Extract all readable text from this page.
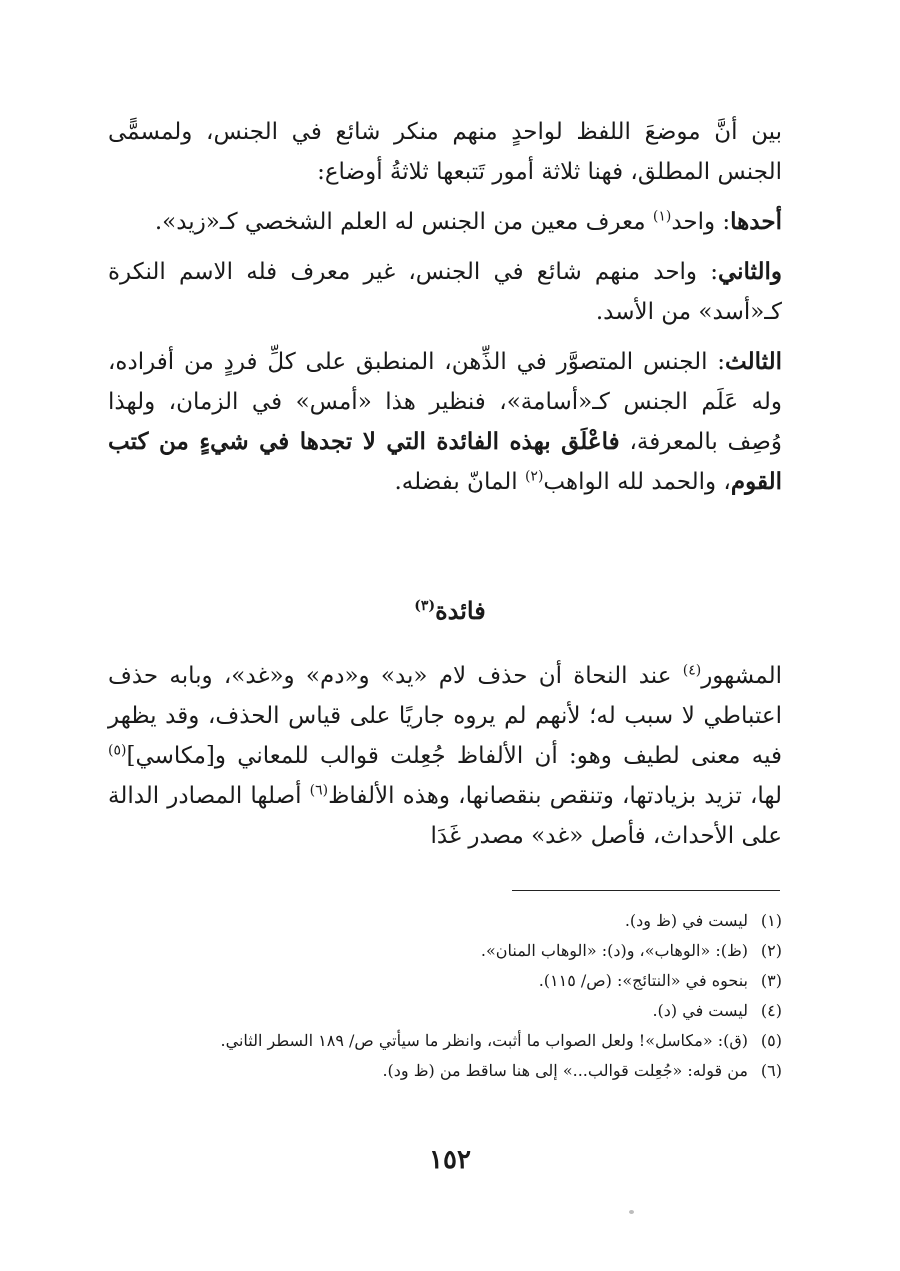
بين أنَّ موضعَ اللفظ لواحدٍ منهم منكر شائع في الجنس، ولمسمًّى الجنس المطلق، فهنا ثلاثة أمور تَتبعها ثلاثةُ أوضاع:

أحدها: واحد$^{(١)}$ معرف معين من الجنس له العلم الشخصي كـ«زيد».

والثاني: واحد منهم شائع في الجنس، غير معرف فله الاسم النكرة كـ«أسد» من الأسد.

الثالث: الجنس المتصوَّر في الذِّهن، المنطبق على كلِّ فردٍ من أفراده، وله عَلَم الجنس كـ«أسامة»، فنظير هذا «أمس» في الزمان، ولهذا وُصِف بالمعرفة، فاعْلَق بهذه الفائدة التي لا تجدها في شيءٍ من كتب القوم، والحمد لله الواهب$^{(٢)}$ المانّ بفضله.

فائدة$^{(٣)}$

المشهور$^{(٤)}$ عند النحاة أن حذف لام «يد» و«دم» و«غد»، وبابه حذف اعتباطي لا سبب له؛ لأنهم لم يروه جاريًا على قياس الحذف، وقد يظهر فيه معنى لطيف وهو: أن الألفاظ جُعِلت قوالب للمعاني و[مكاسي]$^{(٥)}$ لها، تزيد بزيادتها، وتنقص بنقصانها، وهذه الألفاظ$^{(٦)}$ أصلها المصادر الدالة على الأحداث، فأصل «غد» مصدر غَدَا

(١)ليست في (ظ ود).
(٢)(ظ): «الوهاب»، و(د): «الوهاب المنان».
(٣)بنحوه في «النتائج»: (ص/ ١١٥).
(٤)ليست في (د).
(٥)(ق): «مكاسل»! ولعل الصواب ما أثبت، وانظر ما سيأتي ص/ ١٨٩ السطر الثاني.
(٦)من قوله: «جُعِلت قوالب...» إلى هنا ساقط من (ظ ود).
١٥٢
